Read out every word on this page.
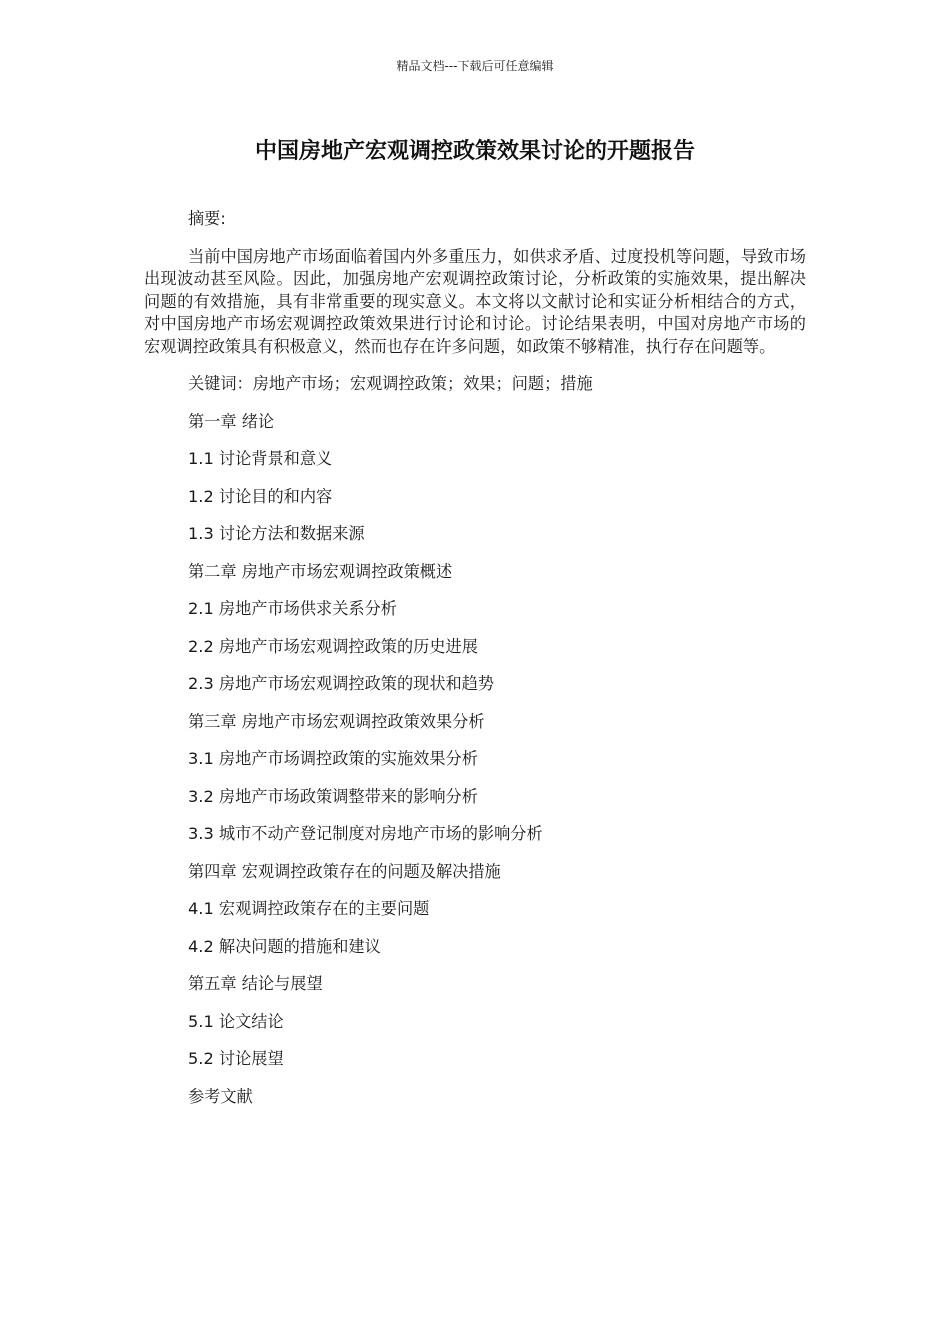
精品文档---下载后可任意编辑
中国房地产宏观调控政策效果讨论的开题报告

摘要:

当前中国房地产市场面临着国内外多重压力，如供求矛盾、过度投机等问题，导致市场出现波动甚至风险。因此，加强房地产宏观调控政策讨论，分析政策的实施效果，提出解决问题的有效措施，具有非常重要的现实意义。本文将以文献讨论和实证分析相结合的方式，对中国房地产市场宏观调控政策效果进行讨论和讨论。讨论结果表明，中国对房地产市场的宏观调控政策具有积极意义，然而也存在许多问题，如政策不够精准，执行存在问题等。

关键词：房地产市场；宏观调控政策；效果；问题；措施

第一章 绪论
1.1 讨论背景和意义
1.2 讨论目的和内容
1.3 讨论方法和数据来源
第二章 房地产市场宏观调控政策概述
2.1 房地产市场供求关系分析
2.2 房地产市场宏观调控政策的历史进展
2.3 房地产市场宏观调控政策的现状和趋势
第三章 房地产市场宏观调控政策效果分析
3.1 房地产市场调控政策的实施效果分析
3.2 房地产市场政策调整带来的影响分析
3.3 城市不动产登记制度对房地产市场的影响分析
第四章 宏观调控政策存在的问题及解决措施
4.1 宏观调控政策存在的主要问题
4.2 解决问题的措施和建议
第五章 结论与展望
5.1 论文结论
5.2 讨论展望
参考文献
